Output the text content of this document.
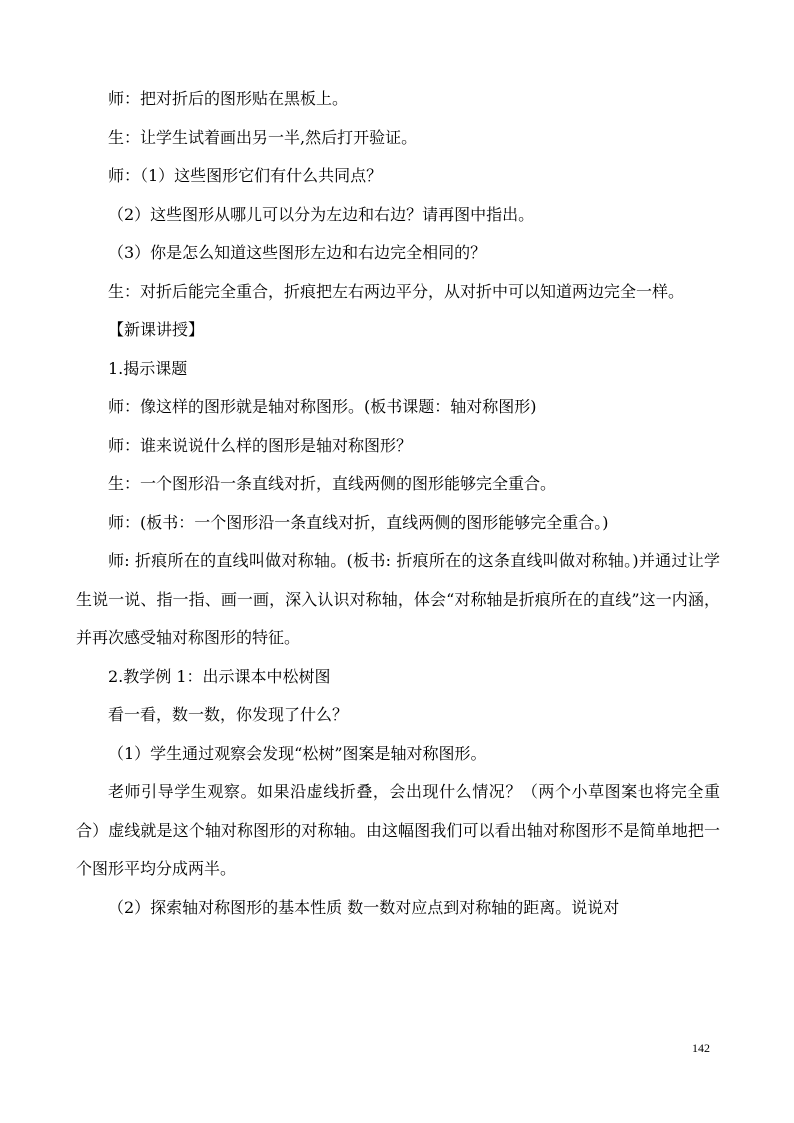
师：把对折后的图形贴在黑板上。

生：让学生试着画出另一半,然后打开验证。

师：（1）这些图形它们有什么共同点？

（2）这些图形从哪儿可以分为左边和右边？请再图中指出。

（3）你是怎么知道这些图形左边和右边完全相同的？

生：对折后能完全重合，折痕把左右两边平分，从对折中可以知道两边完全一样。

【新课讲授】

1.揭示课题

师：像这样的图形就是轴对称图形。(板书课题：轴对称图形)

师：谁来说说什么样的图形是轴对称图形？

生：一个图形沿一条直线对折，直线两侧的图形能够完全重合。

师：(板书：一个图形沿一条直线对折，直线两侧的图形能够完全重合。)

师: 折痕所在的直线叫做对称轴。(板书: 折痕所在的这条直线叫做对称轴。)并通过让学生说一说、指一指、画一画，深入认识对称轴，体会“对称轴是折痕所在的直线”这一内涵，并再次感受轴对称图形的特征。

2.教学例 1：出示课本中松树图

看一看，数一数，你发现了什么？

（1）学生通过观察会发现“松树”图案是轴对称图形。

老师引导学生观察。如果沿虚线折叠，会出现什么情况？（两个小草图案也将完全重合）虚线就是这个轴对称图形的对称轴。由这幅图我们可以看出轴对称图形不是简单地把一个图形平均分成两半。

（2）探索轴对称图形的基本性质 数一数对应点到对称轴的距离。说说对

142
